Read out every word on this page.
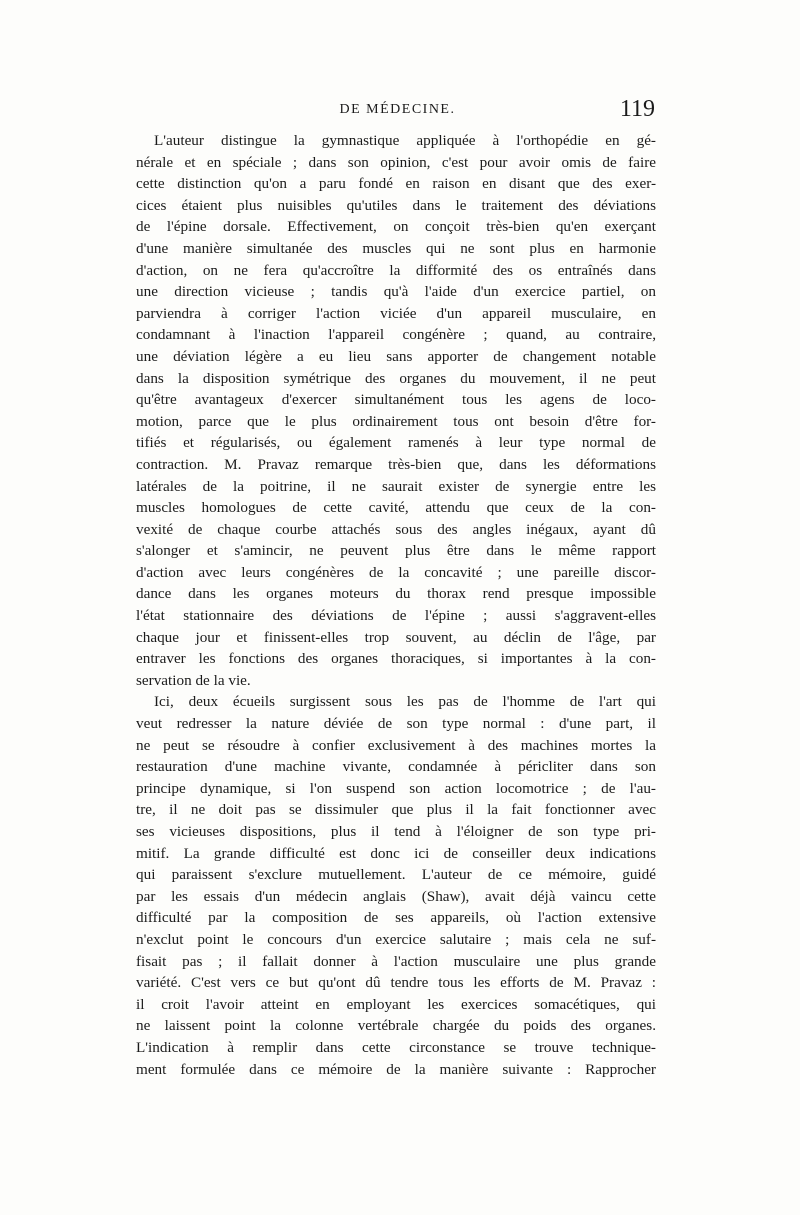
DE MÉDECINE.	119
L'auteur distingue la gymnastique appliquée à l'orthopédie en gé-
nérale et en spéciale ; dans son opinion, c'est pour avoir omis de faire
cette distinction qu'on a paru fondé en raison en disant que des exer-
cices étaient plus nuisibles qu'utiles dans le traitement des déviations
de l'épine dorsale. Effectivement, on conçoit très-bien qu'en exerçant
d'une manière simultanée des muscles qui ne sont plus en harmonie
d'action, on ne fera qu'accroître la difformité des os entraînés dans
une direction vicieuse ; tandis qu'à l'aide d'un exercice partiel, on
parviendra à corriger l'action viciée d'un appareil musculaire, en
condamnant à l'inaction l'appareil congénère ; quand, au contraire,
une déviation légère a eu lieu sans apporter de changement notable
dans la disposition symétrique des organes du mouvement, il ne peut
qu'être avantageux d'exercer simultanément tous les agens de loco-
motion, parce que le plus ordinairement tous ont besoin d'être for-
tifiés et régularisés, ou également ramenés à leur type normal de
contraction. M. Pravaz remarque très-bien que, dans les déformations
latérales de la poitrine, il ne saurait exister de synergie entre les
muscles homologues de cette cavité, attendu que ceux de la con-
vexité de chaque courbe attachés sous des angles inégaux, ayant dû
s'alonger et s'amincir, ne peuvent plus être dans le même rapport
d'action avec leurs congénères de la concavité ; une pareille discor-
dance dans les organes moteurs du thorax rend presque impossible
l'état stationnaire des déviations de l'épine ; aussi s'aggravent-elles
chaque jour et finissent-elles trop souvent, au déclin de l'âge, par
entraver les fonctions des organes thoraciques, si importantes à la con-
servation de la vie.
Ici, deux écueils surgissent sous les pas de l'homme de l'art qui
veut redresser la nature déviée de son type normal : d'une part, il
ne peut se résoudre à confier exclusivement à des machines mortes la
restauration d'une machine vivante, condamnée à péricliter dans son
principe dynamique, si l'on suspend son action locomotrice ; de l'au-
tre, il ne doit pas se dissimuler que plus il la fait fonctionner avec
ses vicieuses dispositions, plus il tend à l'éloigner de son type pri-
mitif. La grande difficulté est donc ici de conseiller deux indications
qui paraissent s'exclure mutuellement. L'auteur de ce mémoire, guidé
par les essais d'un médecin anglais (Shaw), avait déjà vaincu cette
difficulté par la composition de ses appareils, où l'action extensive
n'exclut point le concours d'un exercice salutaire ; mais cela ne suf-
fisait pas ; il fallait donner à l'action musculaire une plus grande
variété. C'est vers ce but qu'ont dû tendre tous les efforts de M. Pravaz :
il croit l'avoir atteint en employant les exercices somacétiques, qui
ne laissent point la colonne vertébrale chargée du poids des organes.
L'indication à remplir dans cette circonstance se trouve technique-
ment formulée dans ce mémoire de la manière suivante : Rapprocher
